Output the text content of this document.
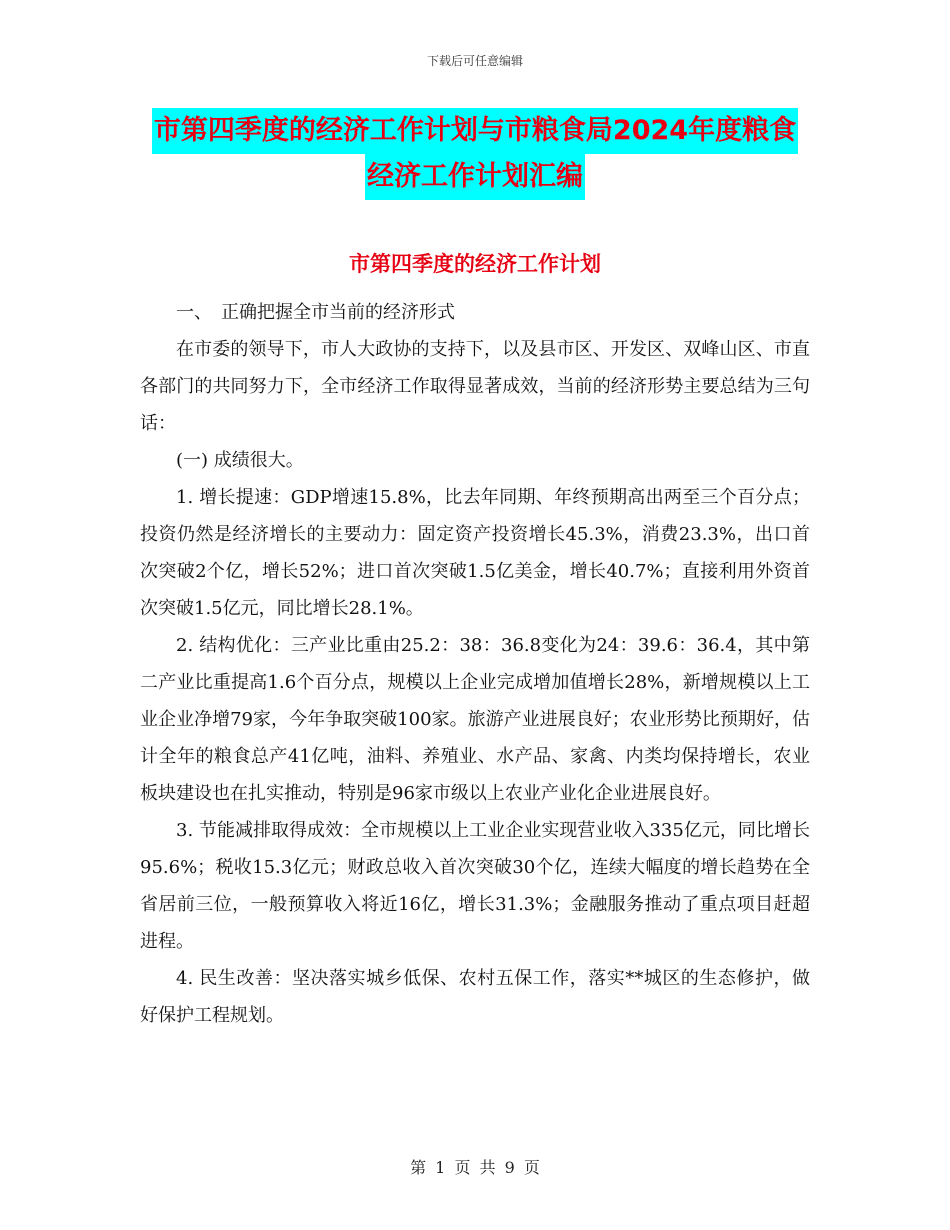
下载后可任意编辑
市第四季度的经济工作计划与市粮食局2024年度粮食
经济工作计划汇编
市第四季度的经济工作计划

一、　正确把握全市当前的经济形式

在市委的领导下，市人大政协的支持下，以及县市区、开发区、双峰山区、市直各部门的共同努力下，全市经济工作取得显著成效，当前的经济形势主要总结为三句话：

(一) 成绩很大。

1. 增长提速：GDP增速15.8%，比去年同期、年终预期高出两至三个百分点；投资仍然是经济增长的主要动力：固定资产投资增长45.3%，消费23.3%，出口首次突破2个亿，增长52%；进口首次突破1.5亿美金，增长40.7%；直接利用外资首次突破1.5亿元，同比增长28.1%。

2. 结构优化：三产业比重由25.2：38：36.8变化为24：39.6：36.4，其中第二产业比重提高1.6个百分点，规模以上企业完成增加值增长28%，新增规模以上工业企业净增79家，今年争取突破100家。旅游产业进展良好；农业形势比预期好，估计全年的粮食总产41亿吨，油料、养殖业、水产品、家禽、内类均保持增长，农业板块建设也在扎实推动，特别是96家市级以上农业产业化企业进展良好。

3. 节能减排取得成效：全市规模以上工业企业实现营业收入335亿元，同比增长95.6%；税收15.3亿元；财政总收入首次突破30个亿，连续大幅度的增长趋势在全省居前三位，一般预算收入将近16亿，增长31.3%；金融服务推动了重点项目赶超进程。

4. 民生改善：坚决落实城乡低保、农村五保工作，落实**城区的生态修护，做好保护工程规划。

第 1 页 共 9 页
